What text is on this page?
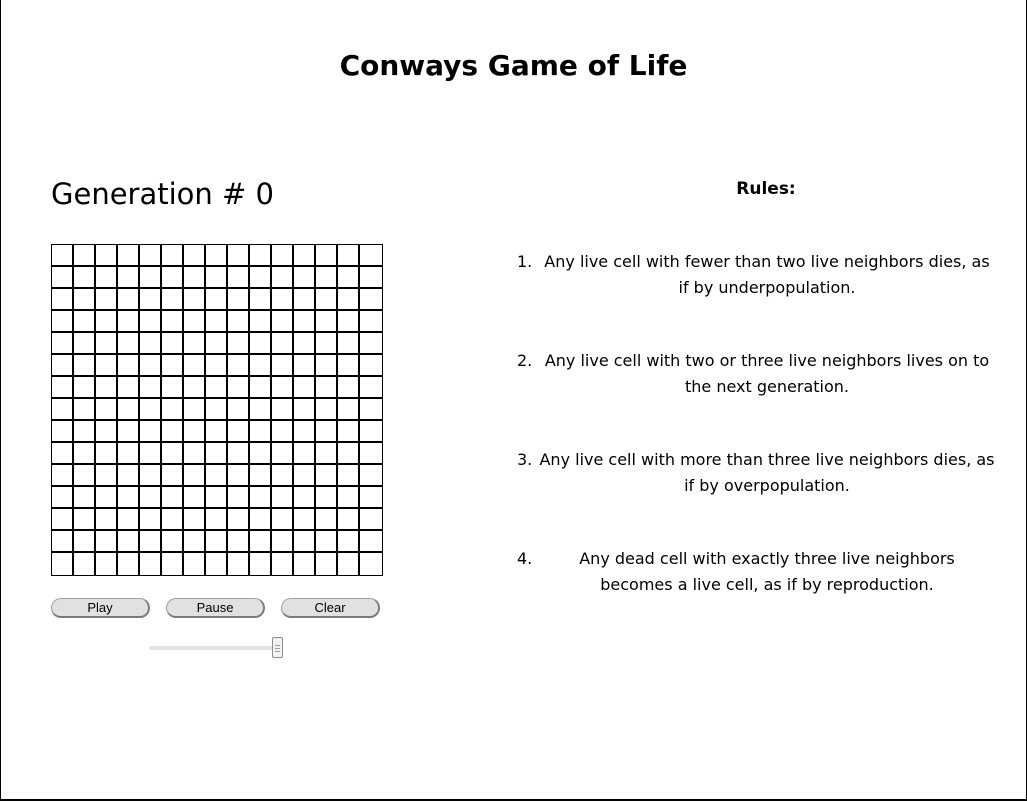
Conways Game of Life
Generation # 0
Play	Pause	Clear
Rules:
1. Any live cell with fewer than two live neighbors dies, as if by underpopulation.
2. Any live cell with two or three live neighbors lives on to the next generation.
3. Any live cell with more than three live neighbors dies, as if by overpopulation.
4.	Any dead cell with exactly three live neighbors becomes a live cell, as if by reproduction.
